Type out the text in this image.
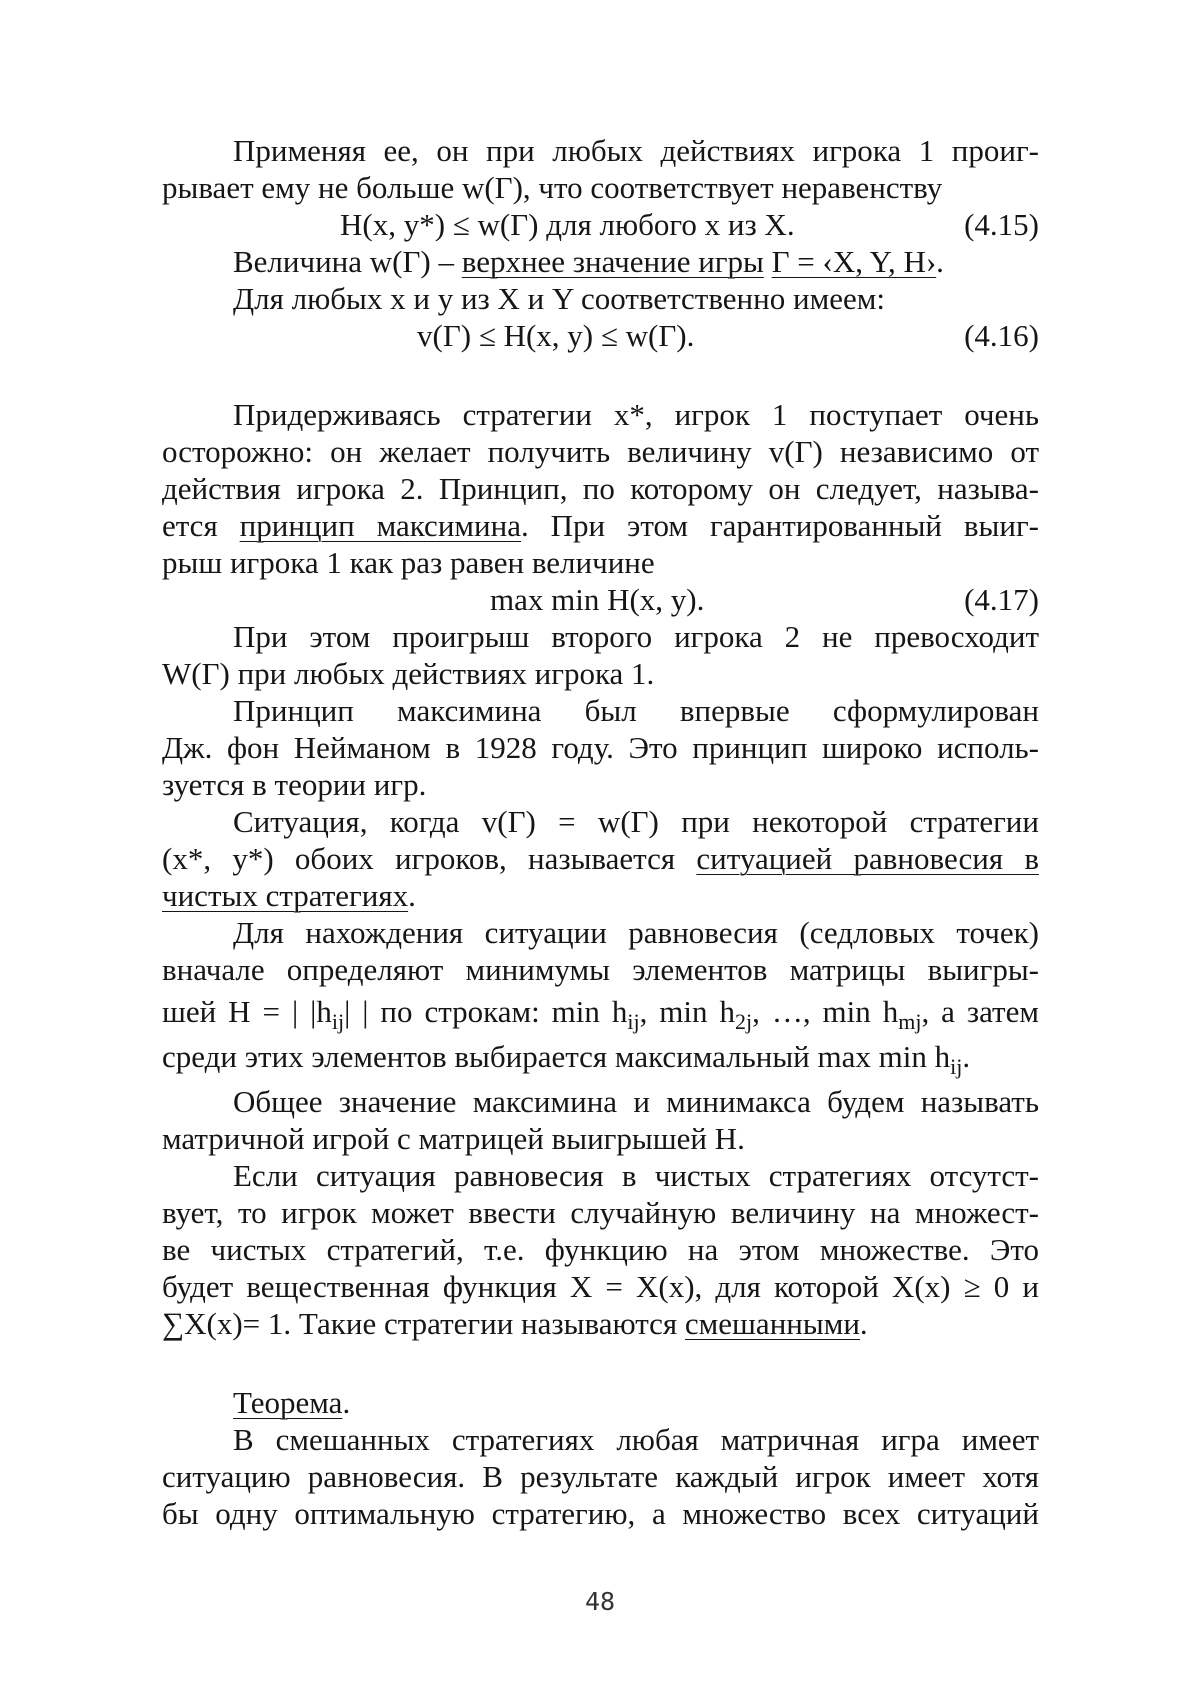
Применяя ее, он при любых действиях игрока 1 проиг-
рывает ему не больше w(Γ), что соответствует неравенству
H(x, y*) ≤ w(Γ) для любого x из X.	(4.15)
Величина w(Γ) – верхнее значение игры Γ = ‹X, Y, H›.
Для любых x и y из X и Y соответственно имеем:
v(Γ) ≤ H(x, y) ≤ w(Γ).	(4.16)
Придерживаясь стратегии x*, игрок 1 поступает очень
осторожно: он желает получить величину v(Γ) независимо от
действия игрока 2. Принцип, по которому он следует, называ-
ется принцип максимина. При этом гарантированный выиг-
рыш игрока 1 как раз равен величине
max min H(x, y).	(4.17)
При этом проигрыш второго игрока 2 не превосходит
W(Γ) при любых действиях игрока 1.
Принцип максимина был впервые сформулирован
Дж. фон Нейманом в 1928 году. Это принцип широко исполь-
зуется в теории игр.
Ситуация, когда v(Γ) = w(Γ) при некоторой стратегии
(x*, y*) обоих игроков, называется ситуацией равновесия в
чистых стратегиях.
Для нахождения ситуации равновесия (седловых точек)
вначале определяют минимумы элементов матрицы выигры-
шей H = | $|h_{ij}|$ | по строкам: $\min h_{ij}$, $\min h_{2j}$, …, $\min h_{mj}$, а затем
среди этих элементов выбирается максимальный $\max \min h_{ij}$.
Общее значение максимина и минимакса будем называть
матричной игрой с матрицей выигрышей H.
Если ситуация равновесия в чистых стратегиях отсутст-
вует, то игрок может ввести случайную величину на множест-
ве чистых стратегий, т.е. функцию на этом множестве. Это
будет вещественная функция X = X(x), для которой X(x) ≥ 0 и
∑X(x)= 1. Такие стратегии называются смешанными.
Теорема.
В смешанных стратегиях любая матричная игра имеет
ситуацию равновесия. В результате каждый игрок имеет хотя
бы одну оптимальную стратегию, а множество всех ситуаций
48
